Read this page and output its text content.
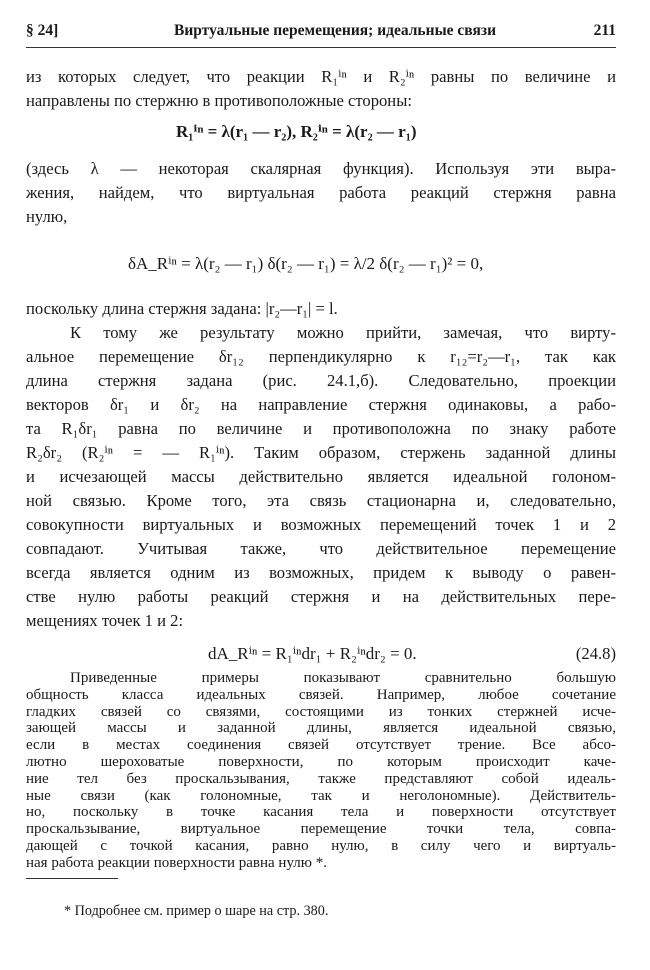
§ 24]	Виртуальные перемещения; идеальные связи	211
из которых следует, что реакции R₁ⁱⁿ и R₂ⁱⁿ равны по величине и
направлены по стержню в противоположные стороны:
R₁ⁱⁿ = λ(r₁ — r₂), R₂ⁱⁿ = λ(r₂ — r₁)
(здесь λ — некоторая скалярная функция). Используя эти выра-
жения, найдем, что виртуальная работа реакций стержня равна
нулю,
δA_Rⁱⁿ = λ(r₂ — r₁) δ(r₂ — r₁) = λ/2 δ(r₂ — r₁)² = 0,
поскольку длина стержня задана: |r₂—r₁| = l.
К тому же результату можно прийти, замечая, что вирту-
альное перемещение δr₁₂ перпендикулярно к r₁₂=r₂—r₁, так как
длина стержня задана (рис. 24.1,б). Следовательно, проекции
векторов δr₁ и δr₂ на направление стержня одинаковы, а рабо-
та R₁δr₁ равна по величине и противоположна по знаку работе
R₂δr₂ (R₂ⁱⁿ = — R₁ⁱⁿ). Таким образом, стержень заданной длины
и исчезающей массы действительно является идеальной голоном-
ной связью. Кроме того, эта связь стационарна и, следовательно,
совокупности виртуальных и возможных перемещений точек 1 и 2
совпадают. Учитывая также, что действительное перемещение
всегда является одним из возможных, придем к выводу о равен-
стве нулю работы реакций стержня и на действительных пере-
мещениях точек 1 и 2:
dA_Rⁱⁿ = R₁ⁱⁿdr₁ + R₂ⁱⁿdr₂ = 0.	(24.8)
* Подробнее см. пример о шаре на стр. 380.
Приведенные примеры показывают сравнительно большую
общность класса идеальных связей. Например, любое сочетание
гладких связей со связями, состоящими из тонких стержней исче-
зающей массы и заданной длины, является идеальной связью,
если в местах соединения связей отсутствует трение. Все абсо-
лютно шероховатые поверхности, по которым происходит каче-
ние тел без проскальзывания, также представляют собой идеаль-
ные связи (как голономные, так и неголономные). Действитель-
но, поскольку в точке касания тела и поверхности отсутствует
проскальзывание, виртуальное перемещение точки тела, совпа-
дающей с точкой касания, равно нулю, в силу чего и виртуаль-
ная работа реакции поверхности равна нулю *.
